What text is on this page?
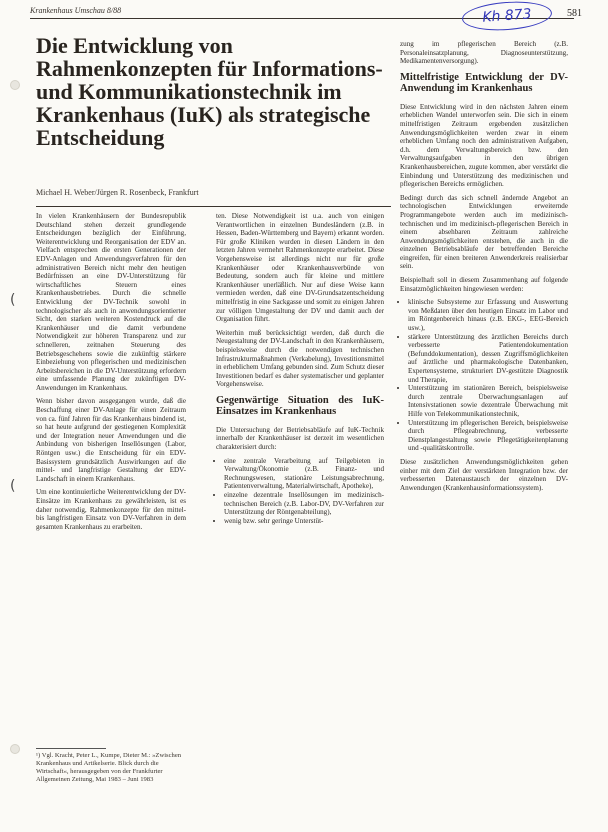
Krankenhaus Umschau 8/88	Kh 873	581
Die Entwicklung von Rahmenkonzepten für Informations- und Kommunikationstechnik im Krankenhaus (IuK) als strategische Entscheidung
Michael H. Weber/Jürgen R. Rosenbeck, Frankfurt

In vielen Krankenhäusern der Bundesrepublik Deutschland stehen derzeit grundlegende Entscheidungen bezüglich der Einführung, Weiterentwicklung und Reorganisation der EDV an. Vielfach entsprechen die ersten Generationen der EDV-Anlagen und Anwendungsverfahren für den administrativen Bereich nicht mehr den heutigen Bedürfnissen an eine DV-Unterstützung für wirtschaftliches Steuern eines Krankenhausbetriebes. Durch die schnelle Entwicklung der DV-Technik sowohl in technologischer als auch in anwendungsorientierter Sicht, den starken weiteren Kostendruck auf die Krankenhäuser und die damit verbundene Notwendigkeit zur höheren Transparenz und zur schnelleren, zeitnahen Steuerung des Betriebsgeschehens sowie die zukünftig stärkere Einbeziehung von pflegerischen und medizinischen Arbeitsbereichen in die DV-Unterstützung erfordern eine umfassende Planung der zukünftigen DV-Anwendungen im Krankenhaus.

Wenn bisher davon ausgegangen wurde, daß die Beschaffung einer DV-Anlage für einen Zeitraum von ca. fünf Jahren für das Krankenhaus bindend ist, so hat heute aufgrund der gestiegenen Komplexität und der Integration neuer Anwendungen und die Anbindung von bisherigen Insellösungen (Labor, Röntgen usw.) die Entscheidung für ein EDV-Basissystem grundsätzlich Auswirkungen auf die mittel- und langfristige Gestaltung der EDV-Landschaft in einem Krankenhaus.

Um eine kontinuierliche Weiterentwicklung der DV-Einsätze im Krankenhaus zu gewährleisten, ist es daher notwendig, Rahmenkonzepte für den mittel- bis langfristigen Einsatz von DV-Verfahren in dem gesamten Krankenhaus zu erarbeiten.

¹) Vgl. Kracht, Peter L., Kumpe, Dieter M.: »Zwischen Krankenhaus und Artikelserie. Blick durch die Wirtschaft«, herausgegeben von der Frankfurter Allgemeinen Zeitung, Mai 1983 – Juni 1983

ten. Diese Notwendigkeit ist u.a. auch von einigen Verantwortlichen in einzelnen Bundesländern (z.B. in Hessen, Baden-Württemberg und Bayern) erkannt worden. Für große Kliniken wurden in diesen Ländern in den letzten Jahren vermehrt Rahmenkonzepte erarbeitet. Diese Vorgehensweise ist allerdings nicht nur für große Krankenhäuser oder Krankenhausverbünde von Bedeutung, sondern auch für kleine und mittlere Krankenhäuser unerläßlich. Nur auf diese Weise kann vermieden werden, daß eine DV-Grundsatzentscheidung mittelfristig in eine Sackgasse und somit zu einigen Jahren zur völligen Umgestaltung der DV und damit auch der Organisation führt.

Weiterhin muß berücksichtigt werden, daß durch die Neugestaltung der DV-Landschaft in den Krankenhäusern, beispielsweise durch die notwendigen technischen Infrastrukturmaßnahmen (Verkabelung), Investitionsmittel in erheblichem Umfang gebunden sind. Zum Schutz dieser Investitionen bedarf es daher systematischer und geplanter Vorgehensweise.

Gegenwärtige Situation des IuK-Einsatzes im Krankenhaus

Die Untersuchung der Betriebsabläufe auf IuK-Technik innerhalb der Krankenhäuser ist derzeit im wesentlichen charakterisiert durch:

• eine zentrale Verarbeitung auf Teilgebieten in Verwaltung/Ökonomie (z.B. Finanz- und Rechnungswesen, stationäre Leistungsabrechnung, Patientenverwaltung, Materialwirtschaft, Apotheke),
• einzelne dezentrale Insellösungen im medizinisch-technischen Bereich (z.B. Labor-DV, DV-Verfahren zur Unterstützung der Röntgenabteilung),
• wenig bzw. sehr geringe Unterstüt-

zung im pflegerischen Bereich (z.B. Personaleinsatzplanung, Diagnoseunterstützung, Medikamentenversorgung).

Mittelfristige Entwicklung der DV-Anwendung im Krankenhaus

Diese Entwicklung wird in den nächsten Jahren einem erheblichen Wandel unterworfen sein. Die sich in einem mittelfristigen Zeitraum ergebenden zusätzlichen Anwendungsmöglichkeiten werden zwar in einem erheblichen Umfang noch den administrativen Aufgaben, d.h. dem Verwaltungsbereich bzw. den Verwaltungsaufgaben in den übrigen Krankenhausbereichen, zugute kommen, aber verstärkt die Einbindung und Unterstützung des medizinischen und pflegerischen Bereichs ermöglichen.

Bedingt durch das sich schnell ändernde Angebot an technologischen Entwicklungen erweiternde Programmangebote werden auch im medizinisch-technischen und im medizinisch-pflegerischen Bereich in einem absehbaren Zeitraum zahlreiche Anwendungsmöglichkeiten entstehen, die auch in die einzelnen Betriebsabläufe der betreffenden Bereiche eingreifen, für einen breiteren Anwenderkreis realisierbar sein.

Beispielhaft soll in diesem Zusammenhang auf folgende Einsatzmöglichkeiten hingewiesen werden:

• klinische Subsysteme zur Erfassung und Auswertung von Meßdaten über den heutigen Einsatz im Labor und im Röntgenbereich hinaus (z.B. EKG-, EEG-Bereich usw.),
• stärkere Unterstützung des ärztlichen Bereichs durch verbesserte Patientendokumentation (Befunddokumentation), dessen Zugriffsmöglichkeiten auf ärztliche und pharmakologische Datenbanken, Expertensysteme, strukturiert DV-gestützte Diagnostik und Therapie,
• Unterstützung im stationären Bereich, beispielsweise durch zentrale Überwachungsanlagen auf Intensivstationen sowie dezentrale Überwachung mit Hilfe von Telekommunikationstechnik,
• Unterstützung im pflegerischen Bereich, beispielsweise durch Pflegeabrechnung, verbesserte Dienstplangestaltung sowie Pflegetätigkeitenplanung und -qualitätskontrolle.

Diese zusätzlichen Anwendungsmöglichkeiten gehen einher mit dem Ziel der verstärkten Integration bzw. der verbesserten Datenaustausch der einzelnen DV-Anwendungen (Krankenhausinformationssystem).

(
(
